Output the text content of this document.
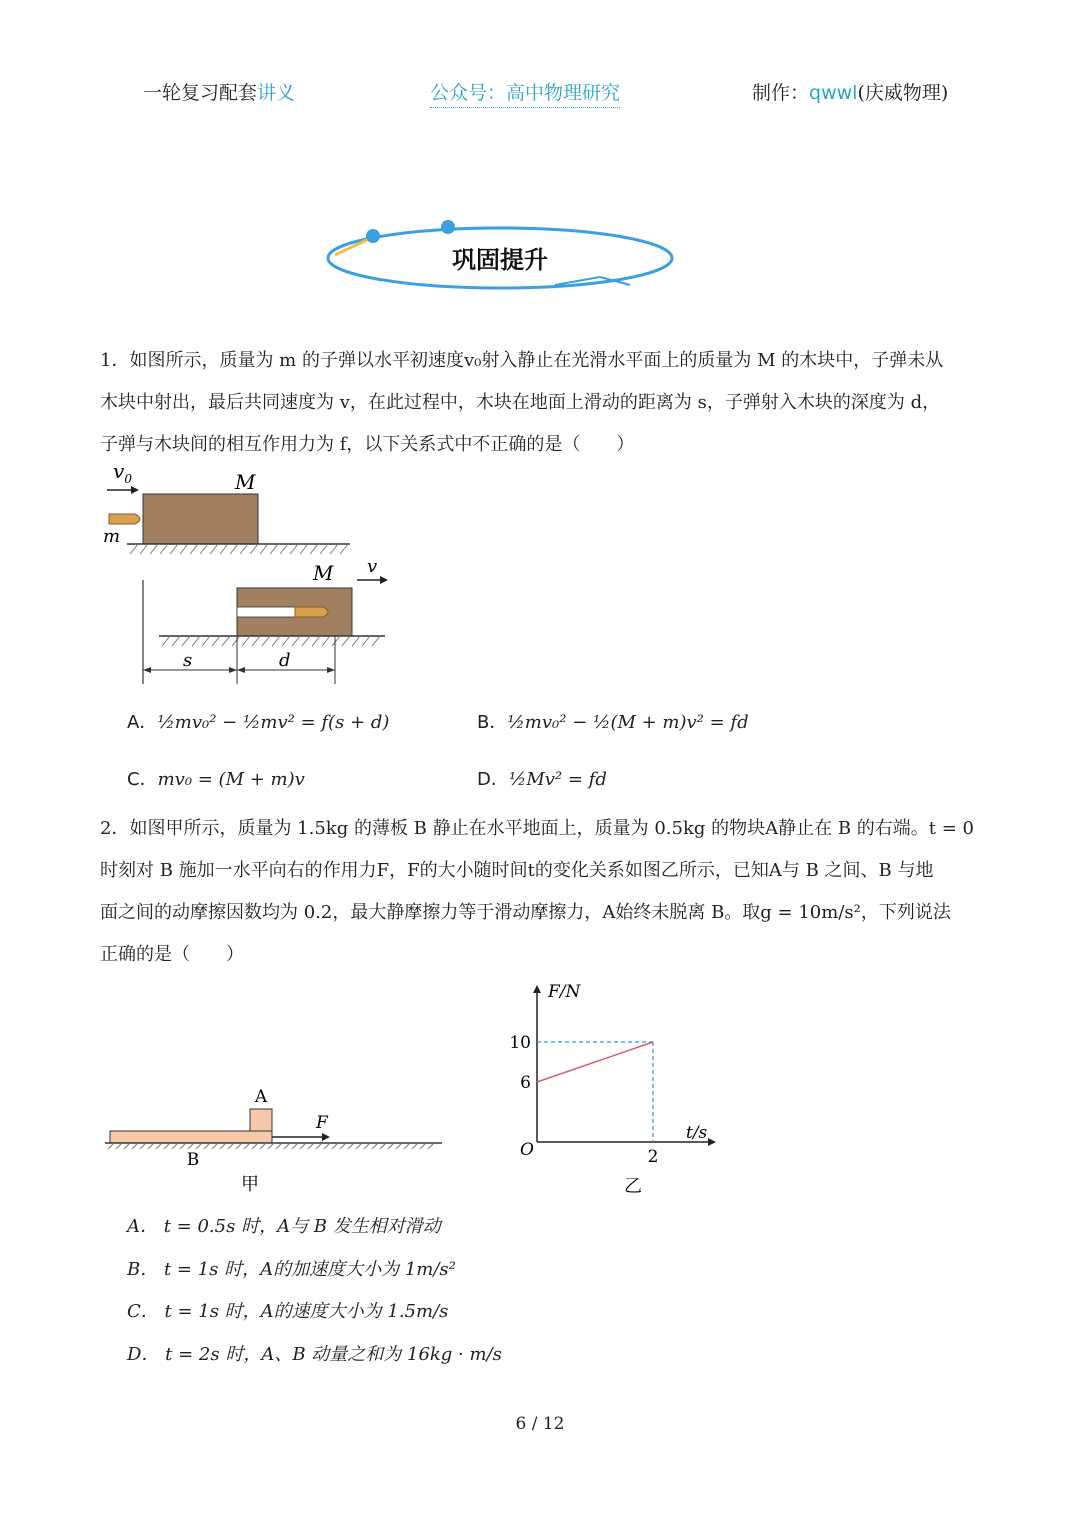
一轮复习配套讲义	公众号：高中物理研究	制作：qwwl(庆威物理)
巩固提升
1．如图所示，质量为 m 的子弹以水平初速度v₀射入静止在光滑水平面上的质量为 M 的木块中，子弹未从
木块中射出，最后共同速度为 v，在此过程中，木块在地面上滑动的距离为 s，子弹射入木块的深度为 d，
子弹与木块间的相互作用力为 f，以下关系式中不正确的是（　　）
$v_0$	M
m
M v
s	d
A．½mv₀² − ½mv² = f(s + d)	B．½mv₀² − ½(M + m)v² = fd
C．mv₀ = (M + m)v	D．½Mv² = fd
2．如图甲所示，质量为 1.5kg 的薄板 B 静止在水平地面上，质量为 0.5kg 的物块A静止在 B 的右端。t = 0
时刻对 B 施加一水平向右的作用力F，F的大小随时间t的变化关系如图乙所示，已知A与 B 之间、B 与地
面之间的动摩擦因数均为 0.2，最大静摩擦力等于滑动摩擦力，A始终未脱离 B。取g = 10m/s²，下列说法
正确的是（　　）
A
F
B
甲
F/N
t/s
O
10
6
2
乙
A． t = 0.5s 时，A与 B 发生相对滑动
B． t = 1s 时，A的加速度大小为 1m/s²
C． t = 1s 时，A的速度大小为 1.5m/s
D． t = 2s 时，A、B 动量之和为 16kg · m/s
6 / 12
